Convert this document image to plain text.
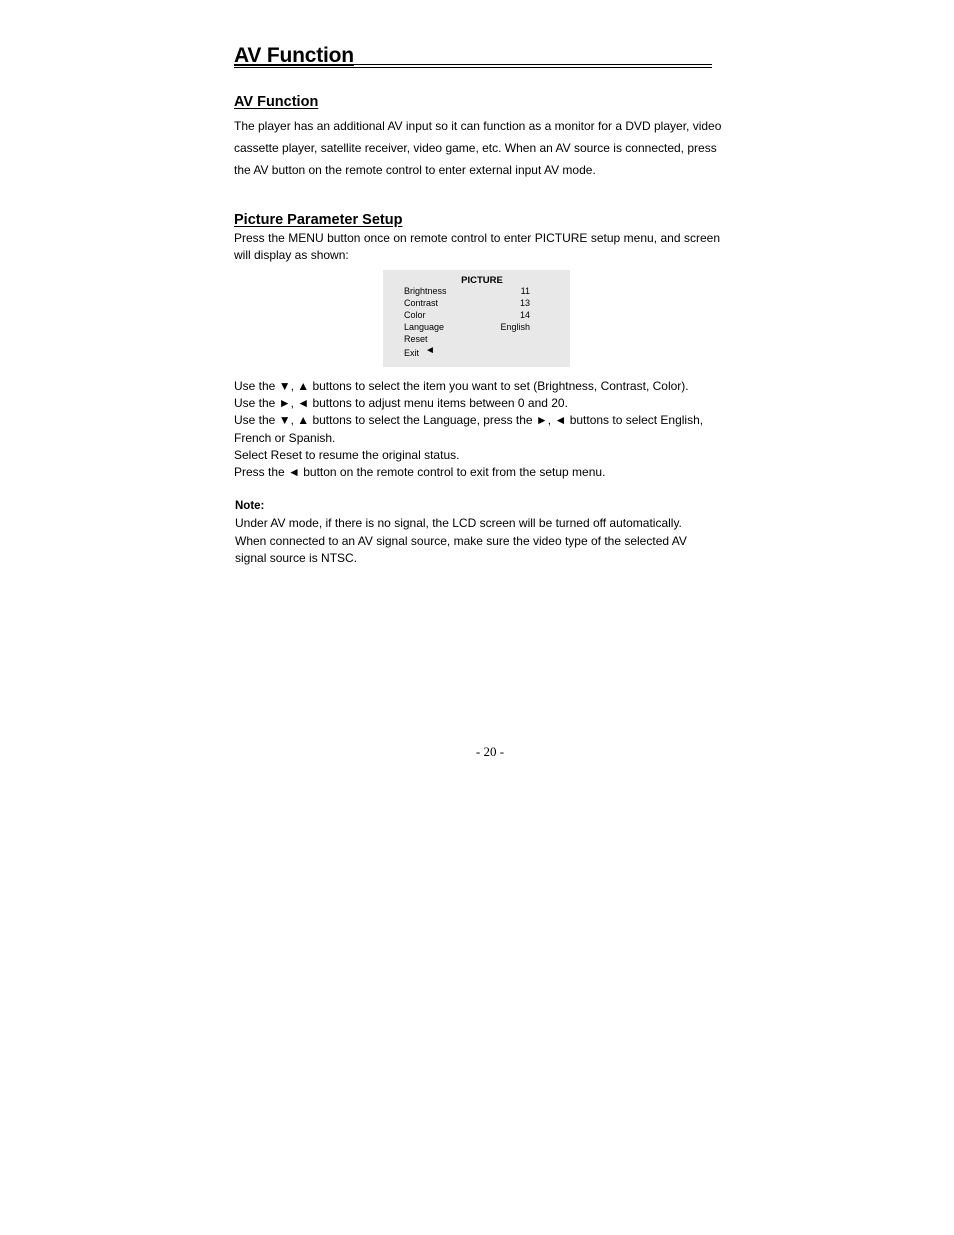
AV Function
AV Function

The player has an additional AV input so it can function as a monitor for a DVD player, video cassette player, satellite receiver, video game, etc. When an AV source is connected, press the AV button on the remote control to enter external input AV mode.

Picture Parameter Setup

Press the MENU button once on remote control to enter PICTURE setup menu, and screen will display as shown:

PICTURE
Brightness	11
Contrast	13
Color	14
Language	English
Reset
Exit ◄
Use the ▼, ▲ buttons to select the item you want to set (Brightness, Contrast, Color).
Use the ►, ◄ buttons to adjust menu items between 0 and 20.
Use the ▼, ▲ buttons to select the Language, press the ►, ◄ buttons to select English,
French or Spanish.
Select Reset to resume the original status.
Press the ◄ button on the remote control to exit from the setup menu.
Note:
Under AV mode, if there is no signal, the LCD screen will be turned off automatically.
When connected to an AV signal source, make sure the video type of the selected AV
signal source is NTSC.
- 20 -
